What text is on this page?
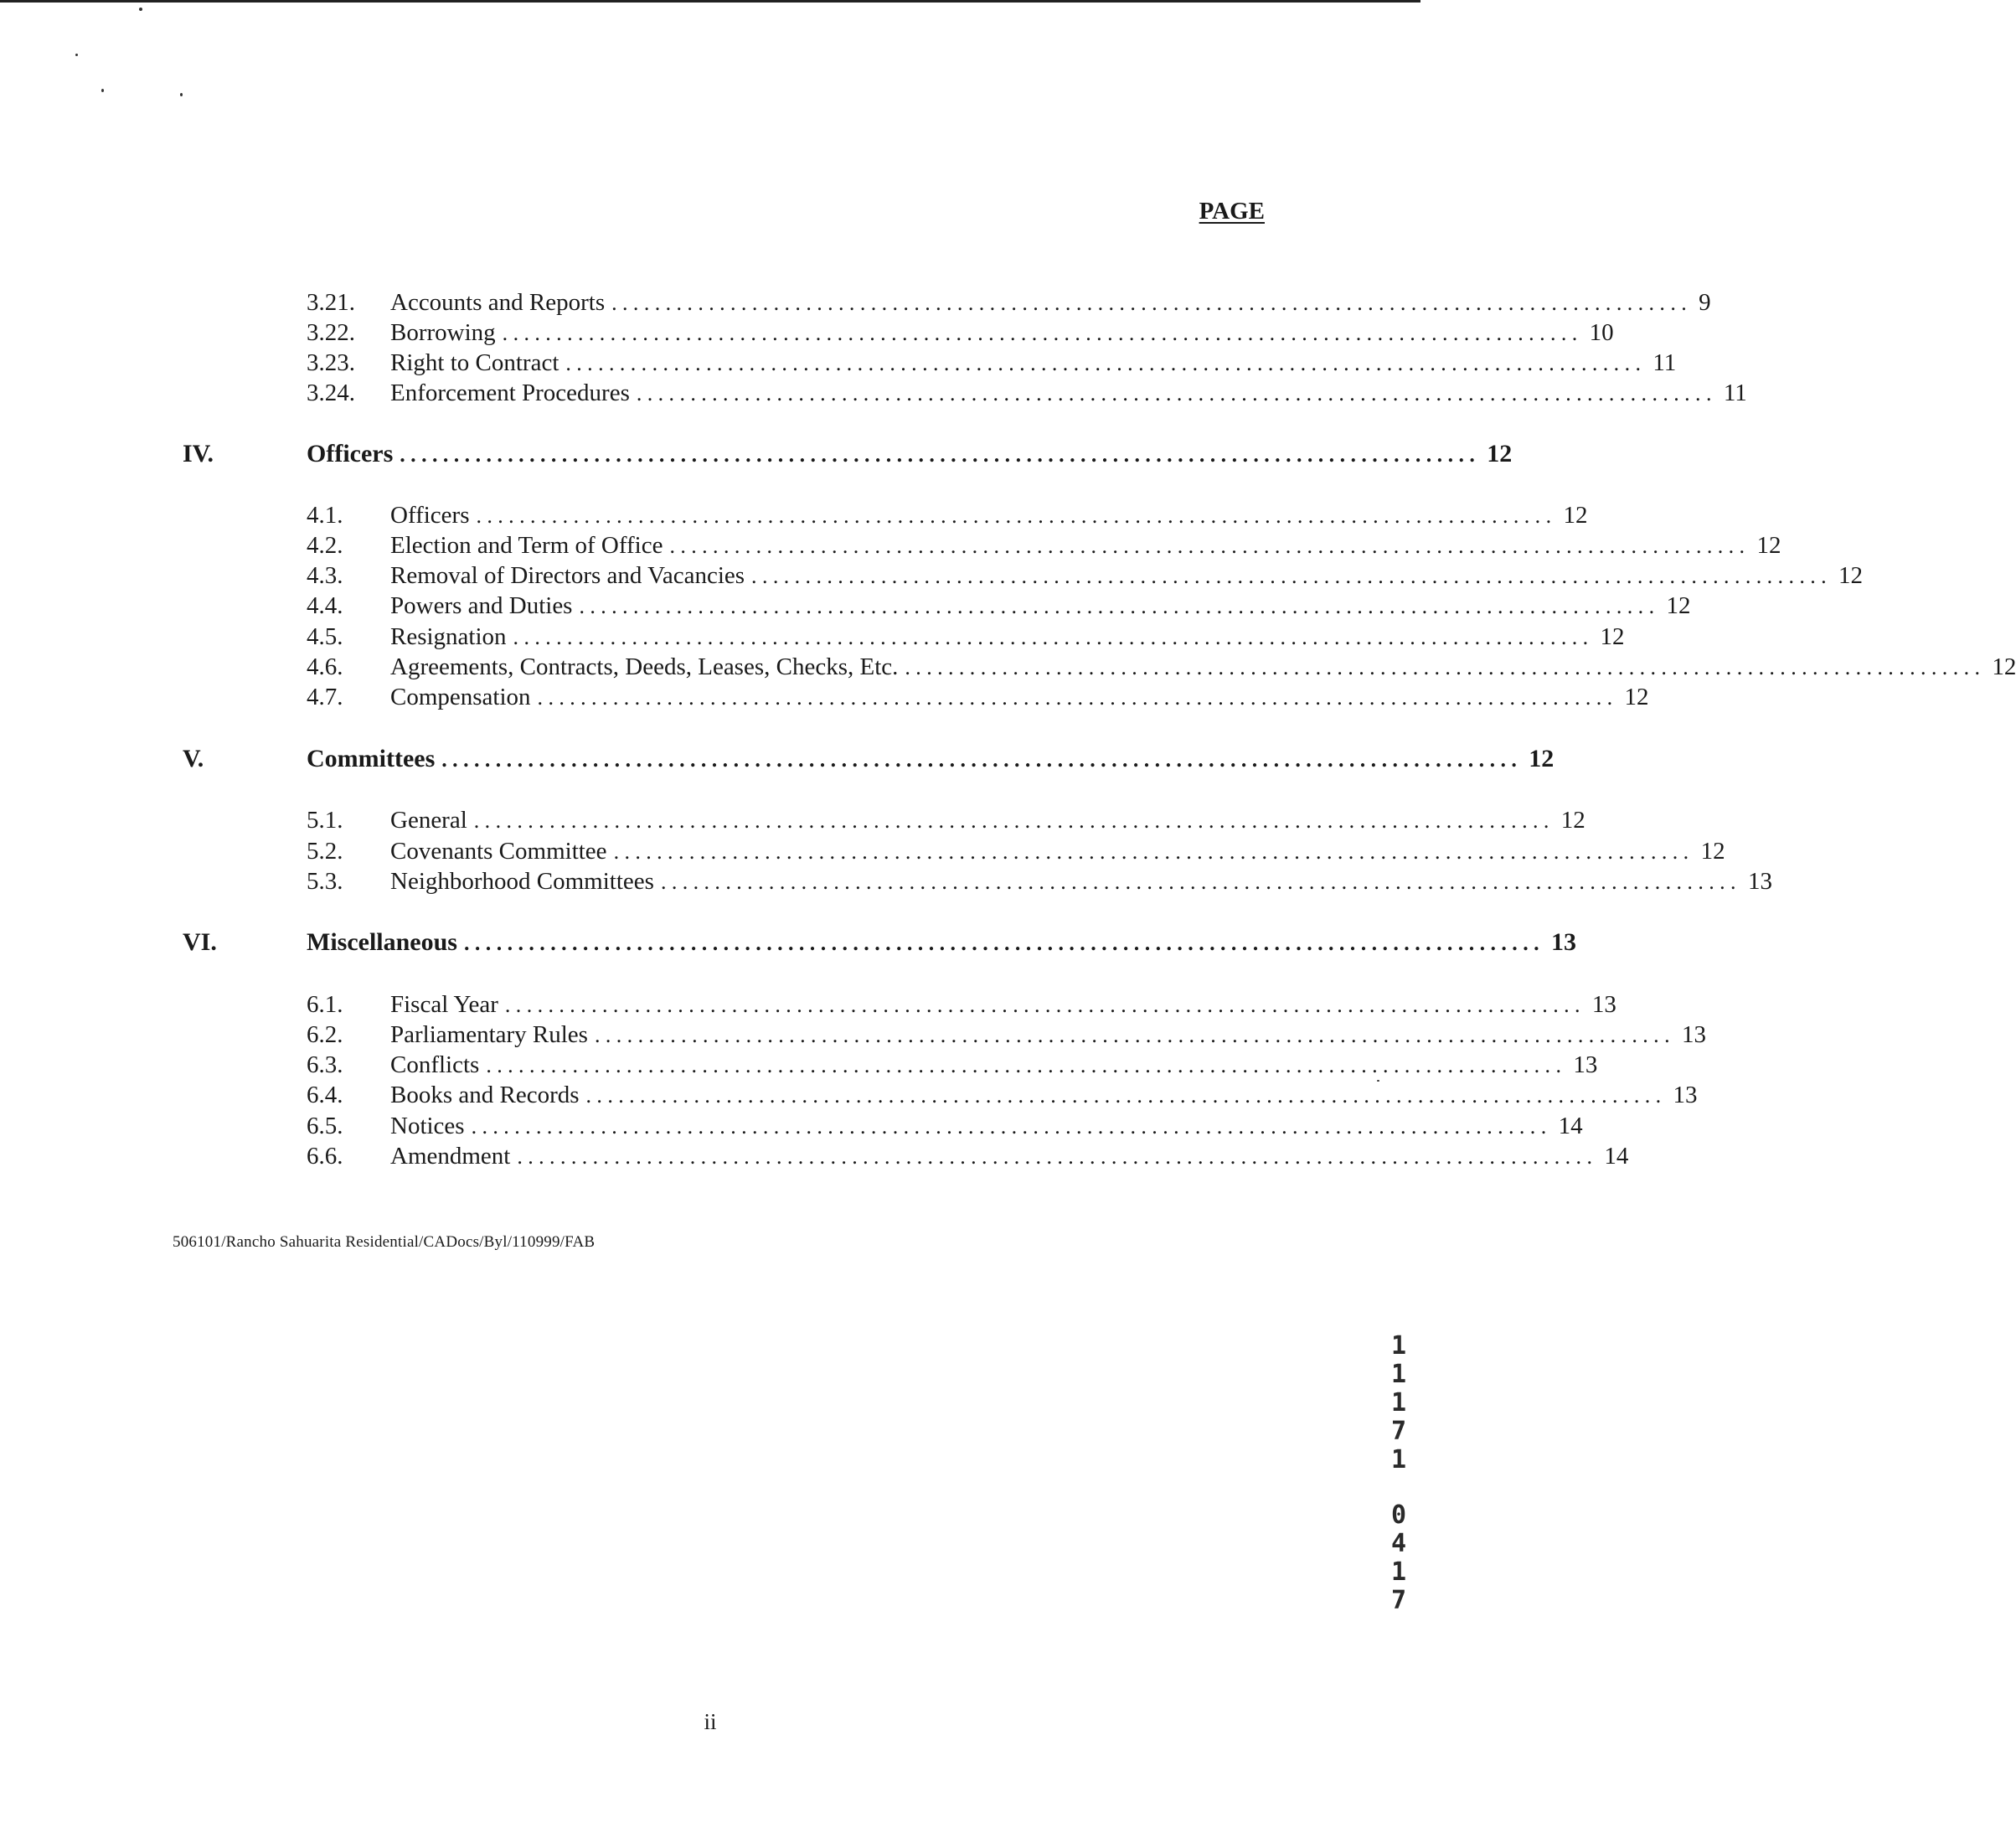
PAGE
3.21. Accounts and Reports .................................................................................................... 9
3.22. Borrowing .................................................................................................... 10
3.23. Right to Contract .................................................................................................... 11
3.24. Enforcement Procedures .................................................................................................... 11
IV.	Officers .................................................................................................... 12
4.1. Officers .................................................................................................... 12
4.2. Election and Term of Office .................................................................................................... 12
4.3. Removal of Directors and Vacancies .................................................................................................... 12
4.4. Powers and Duties .................................................................................................... 12
4.5. Resignation .................................................................................................... 12
4.6. Agreements, Contracts, Deeds, Leases, Checks, Etc. .................................................................................................... 12
4.7. Compensation .................................................................................................... 12
V.	Committees .................................................................................................... 12
5.1. General .................................................................................................... 12
5.2. Covenants Committee .................................................................................................... 12
5.3. Neighborhood Committees .................................................................................................... 13
VI.	Miscellaneous .................................................................................................... 13
6.1. Fiscal Year .................................................................................................... 13
6.2. Parliamentary Rules .................................................................................................... 13
6.3. Conflicts .................................................................................................... 13
6.4. Books and Records .................................................................................................... 13
6.5. Notices .................................................................................................... 14
6.6. Amendment .................................................................................................... 14
506101/Rancho Sahuarita Residential/CADocs/Byl/110999/FAB
1
1
1
7
1
0
4
1
7
ii
